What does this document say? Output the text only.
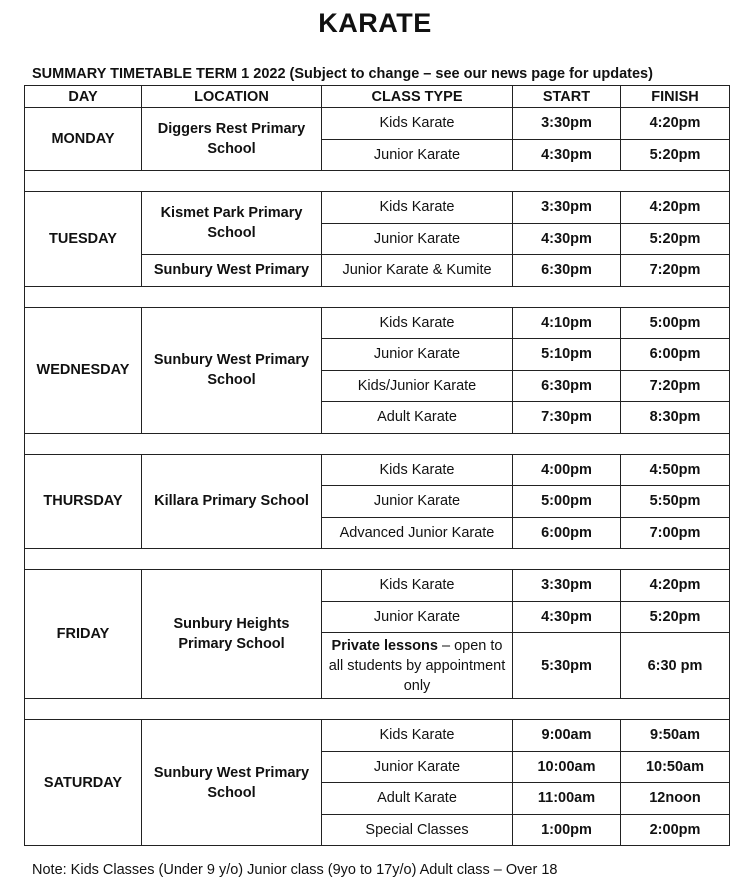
KARATE
SUMMARY TIMETABLE TERM 1 2022 (Subject to change – see our news page for updates)
DAY	LOCATION	CLASS TYPE	START	FINISH
MONDAY	Diggers Rest Primary School	Kids Karate	3:30pm	4:20pm
		Junior Karate	4:30pm	5:20pm

TUESDAY	Kismet Park Primary School	Kids Karate	3:30pm	4:20pm
		Junior Karate	4:30pm	5:20pm
	Sunbury West Primary	Junior Karate & Kumite	6:30pm	7:20pm

WEDNESDAY	Sunbury West Primary School	Kids Karate	4:10pm	5:00pm
		Junior Karate	5:10pm	6:00pm
		Kids/Junior Karate	6:30pm	7:20pm
		Adult Karate	7:30pm	8:30pm

THURSDAY	Killara Primary School	Kids Karate	4:00pm	4:50pm
		Junior Karate	5:00pm	5:50pm
		Advanced Junior Karate	6:00pm	7:00pm

FRIDAY	Sunbury Heights Primary School	Kids Karate	3:30pm	4:20pm
		Junior Karate	4:30pm	5:20pm
		Private lessons – open to all students by appointment only	5:30pm	6:30 pm

SATURDAY	Sunbury West Primary School	Kids Karate	9:00am	9:50am
		Junior Karate	10:00am	10:50am
		Adult Karate	11:00am	12noon
		Special Classes	1:00pm	2:00pm
Note: Kids Classes (Under 9 y/o) Junior class (9yo to 17y/o) Adult class – Over 18
